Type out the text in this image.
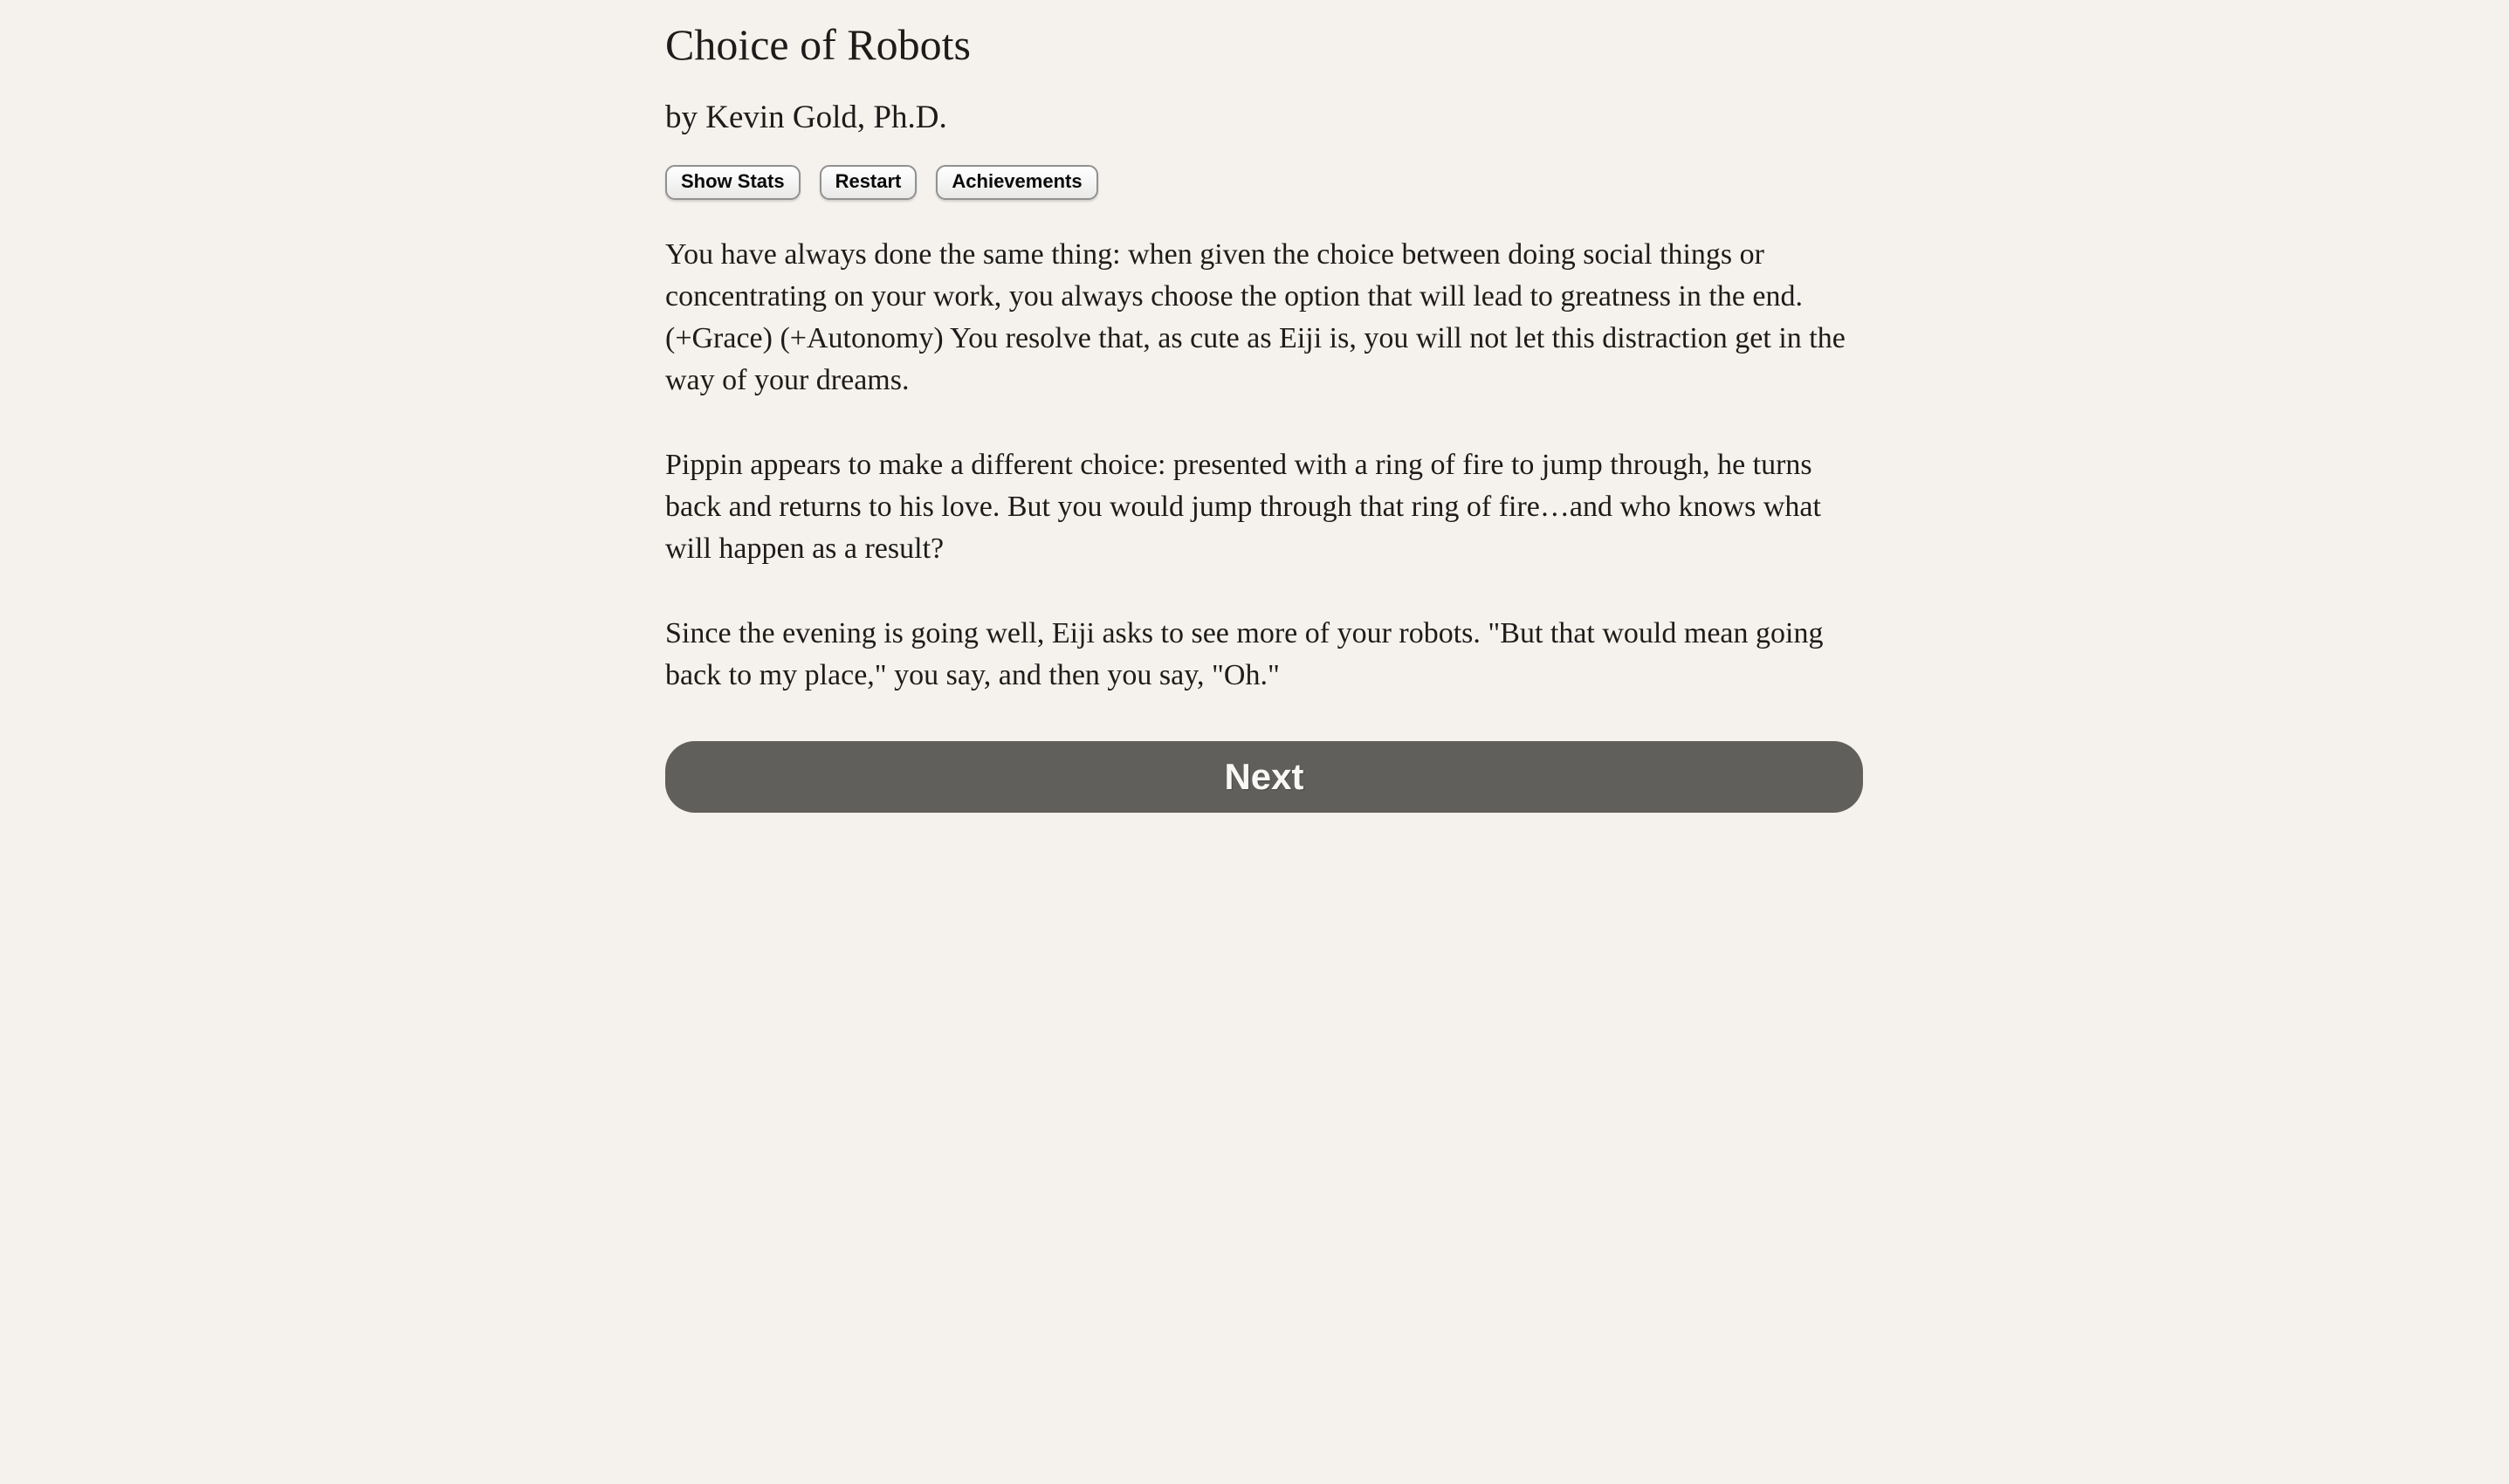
Choice of Robots

by Kevin Gold, Ph.D.

Show Stats	Restart	Achievements

You have always done the same thing: when given the choice between doing social things or concentrating on your work, you always choose the option that will lead to greatness in the end. (+Grace) (+Autonomy) You resolve that, as cute as Eiji is, you will not let this distraction get in the way of your dreams.

Pippin appears to make a different choice: presented with a ring of fire to jump through, he turns back and returns to his love. But you would jump through that ring of fire…and who knows what will happen as a result?

Since the evening is going well, Eiji asks to see more of your robots. "But that would mean going back to my place," you say, and then you say, "Oh."

Next
